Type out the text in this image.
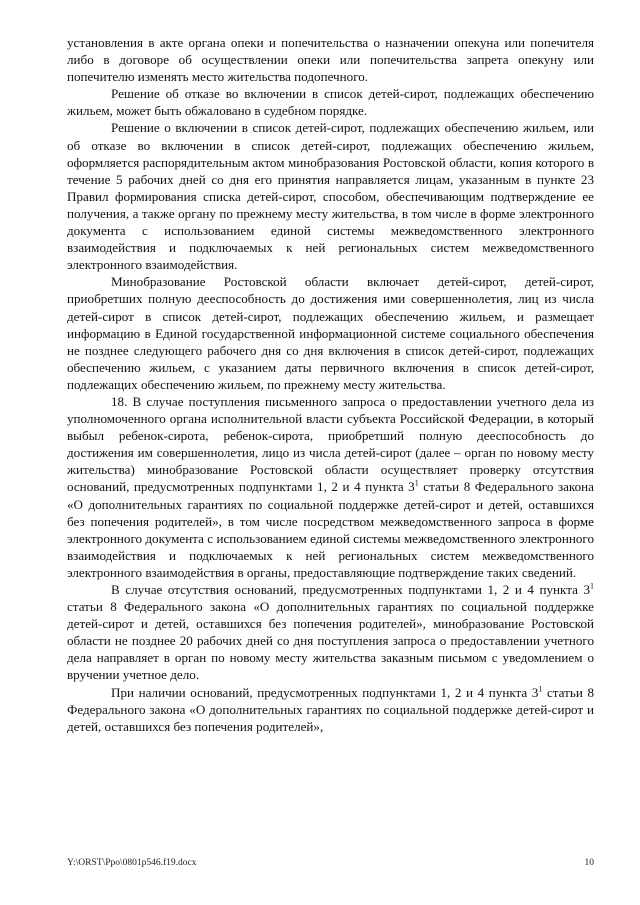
установления в акте органа опеки и попечительства о назначении опекуна или попечителя либо в договоре об осуществлении опеки или попечительства запрета опекуну или попечителю изменять место жительства подопечного.

Решение об отказе во включении в список детей-сирот, подлежащих обеспечению жильем, может быть обжаловано в судебном порядке.

Решение о включении в список детей-сирот, подлежащих обеспечению жильем, или об отказе во включении в список детей-сирот, подлежащих обеспечению жильем, оформляется распорядительным актом минобразования Ростовской области, копия которого в течение 5 рабочих дней со дня его принятия направляется лицам, указанным в пункте 23 Правил формирования списка детей-сирот, способом, обеспечивающим подтверждение ее получения, а также органу по прежнему месту жительства, в том числе в форме электронного документа с использованием единой системы межведомственного электронного взаимодействия и подключаемых к ней региональных систем межведомственного электронного взаимодействия.

Минобразование Ростовской области включает детей-сирот, детей-сирот, приобретших полную дееспособность до достижения ими совершеннолетия, лиц из числа детей-сирот в список детей-сирот, подлежащих обеспечению жильем, и размещает информацию в Единой государственной информационной системе социального обеспечения не позднее следующего рабочего дня со дня включения в список детей-сирот, подлежащих обеспечению жильем, с указанием даты первичного включения в список детей-сирот, подлежащих обеспечению жильем, по прежнему месту жительства.

18. В случае поступления письменного запроса о предоставлении учетного дела из уполномоченного органа исполнительной власти субъекта Российской Федерации, в который выбыл ребенок-сирота, ребенок-сирота, приобретший полную дееспособность до достижения им совершеннолетия, лицо из числа детей-сирот (далее – орган по новому месту жительства) минобразование Ростовской области осуществляет проверку отсутствия оснований, предусмотренных подпунктами 1, 2 и 4 пункта $3^1$ статьи 8 Федерального закона «О дополнительных гарантиях по социальной поддержке детей-сирот и детей, оставшихся без попечения родителей», в том числе посредством межведомственного запроса в форме электронного документа с использованием единой системы межведомственного электронного взаимодействия и подключаемых к ней региональных систем межведомственного электронного взаимодействия в органы, предоставляющие подтверждение таких сведений.

В случае отсутствия оснований, предусмотренных подпунктами 1, 2 и 4 пункта $3^1$ статьи 8 Федерального закона «О дополнительных гарантиях по социальной поддержке детей-сирот и детей, оставшихся без попечения родителей», минобразование Ростовской области не позднее 20 рабочих дней со дня поступления запроса о предоставлении учетного дела направляет в орган по новому месту жительства заказным письмом с уведомлением о вручении учетное дело.

При наличии оснований, предусмотренных подпунктами 1, 2 и 4 пункта $3^1$ статьи 8 Федерального закона «О дополнительных гарантиях по социальной поддержке детей-сирот и детей, оставшихся без попечения родителей»,

Y:\ORST\Ppo\0801p546.f19.docx	10
